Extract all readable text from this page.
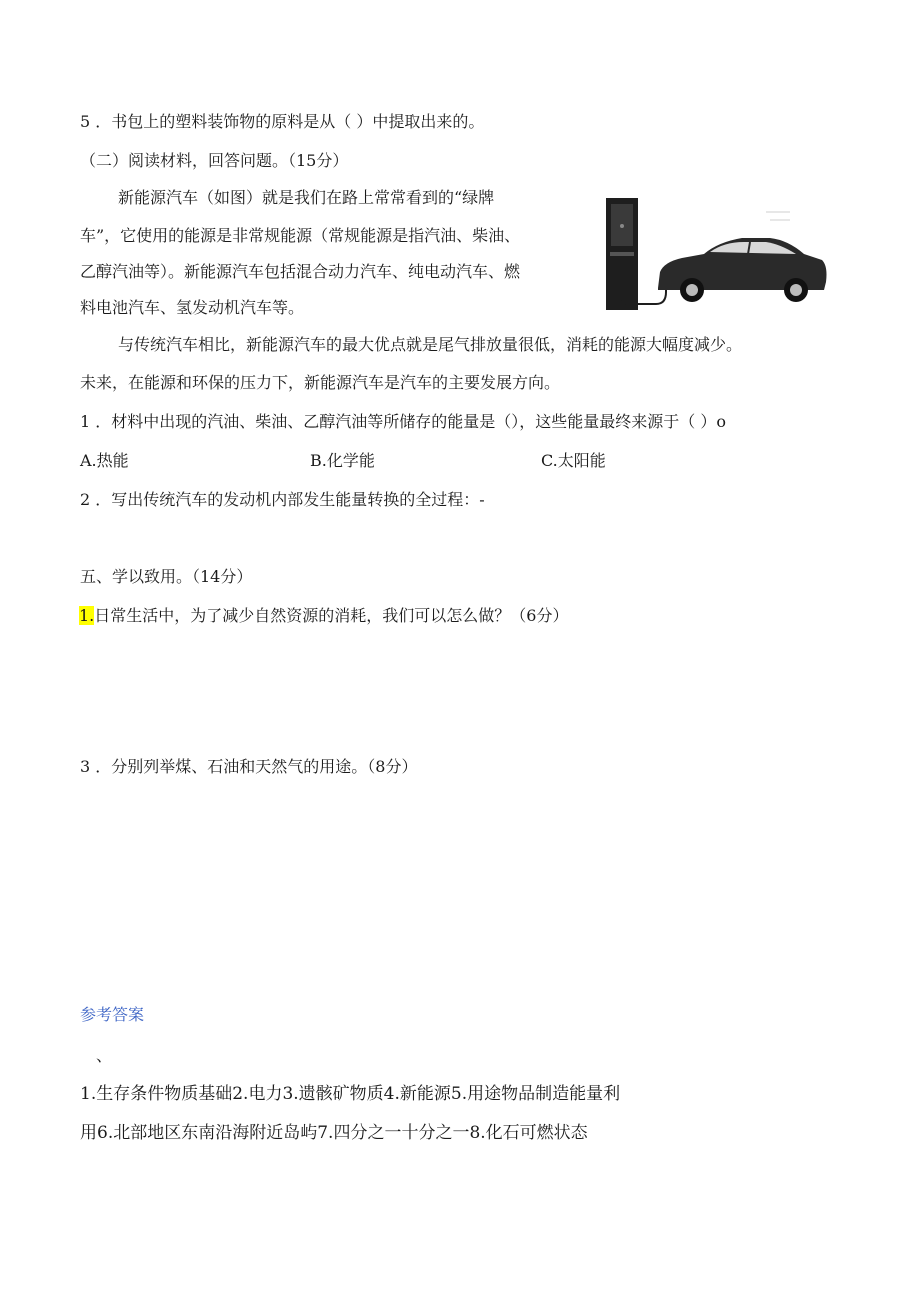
5 ．书包上的塑料装饰物的原料是从（ ）中提取出来的。
（二）阅读材料，回答问题。（15分）
新能源汽车（如图）就是我们在路上常常看到的“绿牌
车”，它使用的能源是非常规能源（常规能源是指汽油、柴油、
乙醇汽油等）。新能源汽车包括混合动力汽车、纯电动汽车、燃
料电池汽车、氢发动机汽车等。
与传统汽车相比，新能源汽车的最大优点就是尾气排放量很低，消耗的能源大幅度减少。
未来，在能源和环保的压力下，新能源汽车是汽车的主要发展方向。
1 ．材料中出现的汽油、柴油、乙醇汽油等所储存的能量是（），这些能量最终来源于（ ）o
A.热能	B.化学能	C.太阳能
2 ．写出传统汽车的发动机内部发生能量转换的全过程：-
五、学以致用。（14分）
1.日常生活中，为了减少自然资源的消耗，我们可以怎么做？（6分）
3 ．分别列举煤、石油和天然气的用途。（8分）
参考答案
、
1.生存条件物质基础2.电力3.遗骸矿物质4.新能源5.用途物品制造能量利
用6.北部地区东南沿海附近岛屿7.四分之一十分之一8.化石可燃状态
